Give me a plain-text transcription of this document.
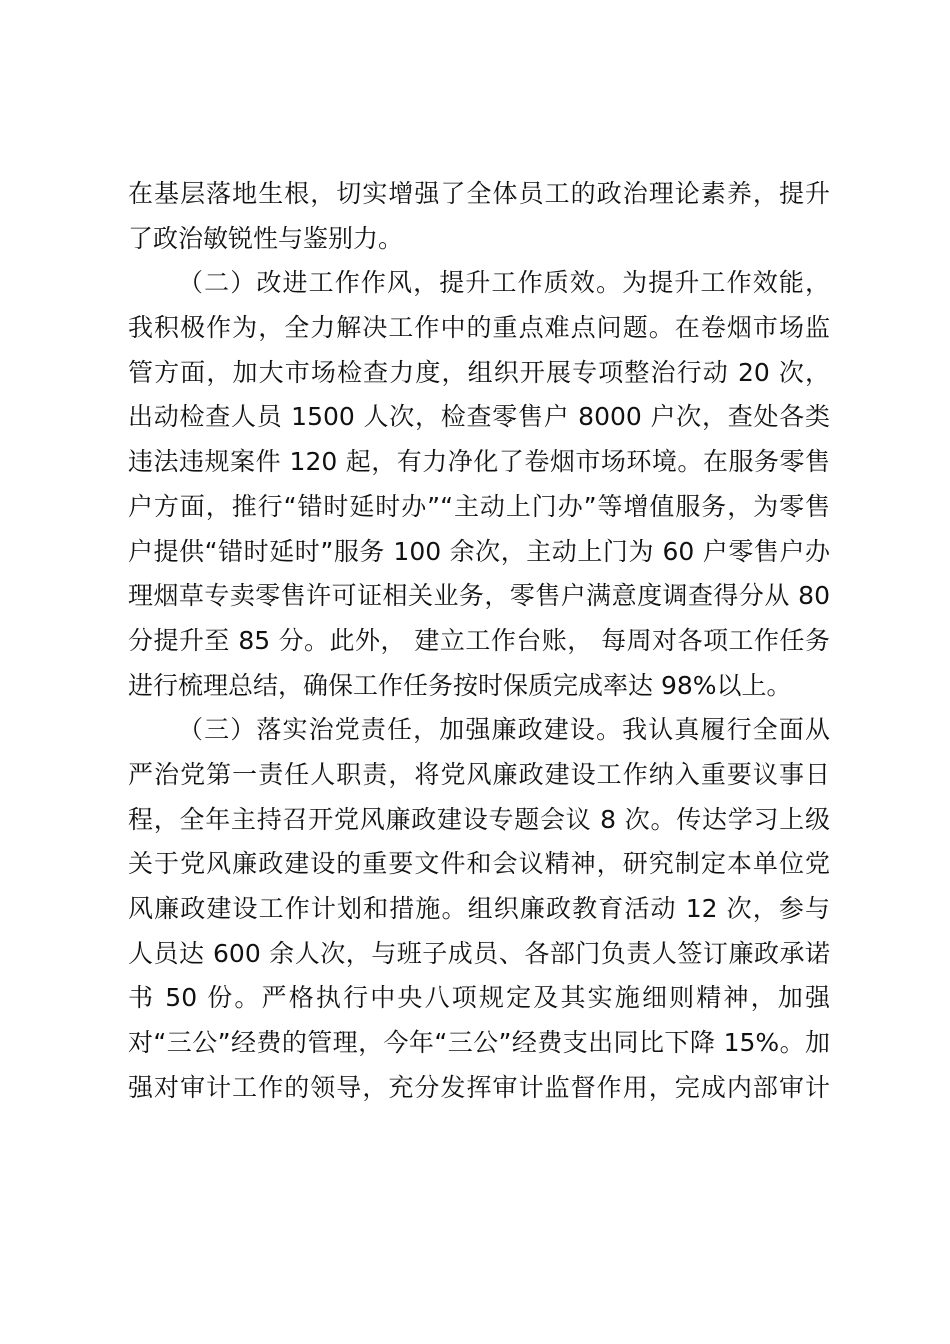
在基层落地生根，切实增强了全体员工的政治理论素养，提升
了政治敏锐性与鉴别力。
（二）改进工作作风，提升工作质效。为提升工作效能，
我积极作为，全力解决工作中的重点难点问题。在卷烟市场监
管方面，加大市场检查力度，组织开展专项整治行动 20 次，
出动检查人员 1500 人次，检查零售户 8000 户次，查处各类
违法违规案件 120 起，有力净化了卷烟市场环境。在服务零售
户方面，推行“错时延时办”“主动上门办”等增值服务，为零售
户提供“错时延时”服务 100 余次，主动上门为 60 户零售户办
理烟草专卖零售许可证相关业务，零售户满意度调查得分从 80
分提升至 85 分。此外， 建立工作台账， 每周对各项工作任务
进行梳理总结，确保工作任务按时保质完成率达 98%以上。
（三）落实治党责任，加强廉政建设。我认真履行全面从
严治党第一责任人职责，将党风廉政建设工作纳入重要议事日
程，全年主持召开党风廉政建设专题会议 8 次。传达学习上级
关于党风廉政建设的重要文件和会议精神，研究制定本单位党
风廉政建设工作计划和措施。组织廉政教育活动 12 次，参与
人员达 600 余人次，与班子成员、各部门负责人签订廉政承诺
书 50 份。严格执行中央八项规定及其实施细则精神，加强
对“三公”经费的管理，今年“三公”经费支出同比下降 15%。加
强对审计工作的领导，充分发挥审计监督作用，完成内部审计
